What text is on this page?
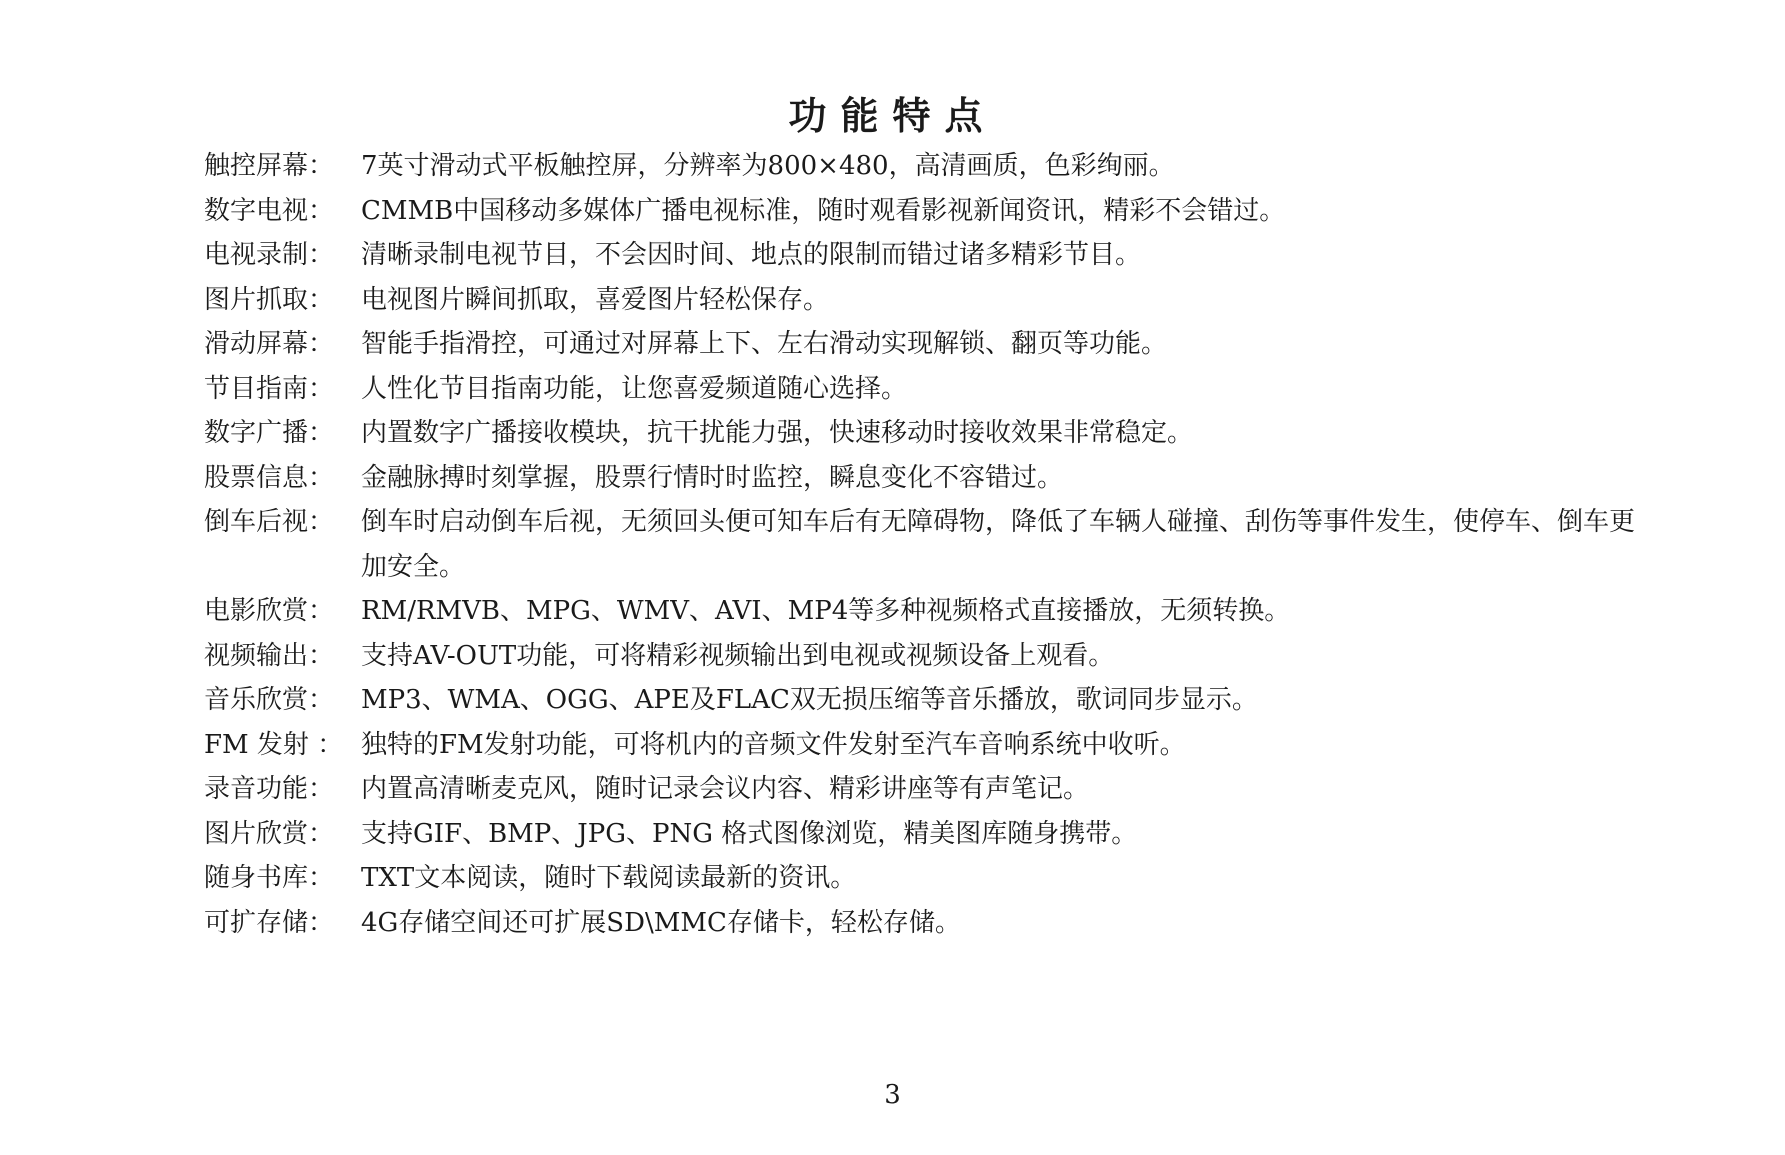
功能特点
触控屏幕：	7英寸滑动式平板触控屏，分辨率为800×480，高清画质，色彩绚丽。
数字电视：	CMMB中国移动多媒体广播电视标准，随时观看影视新闻资讯，精彩不会错过。
电视录制：	清晰录制电视节目，不会因时间、地点的限制而错过诸多精彩节目。
图片抓取：	电视图片瞬间抓取，喜爱图片轻松保存。
滑动屏幕：	智能手指滑控，可通过对屏幕上下、左右滑动实现解锁、翻页等功能。
节目指南：	人性化节目指南功能，让您喜爱频道随心选择。
数字广播：	内置数字广播接收模块，抗干扰能力强，快速移动时接收效果非常稳定。
股票信息：	金融脉搏时刻掌握，股票行情时时监控，瞬息变化不容错过。
倒车后视：	倒车时启动倒车后视，无须回头便可知车后有无障碍物，降低了车辆人碰撞、刮伤等事件发生，使停车、倒车更加安全。
电影欣赏：	RM/RMVB、MPG、WMV、AVI、MP4等多种视频格式直接播放，无须转换。
视频输出：	支持AV-OUT功能，可将精彩视频输出到电视或视频设备上观看。
音乐欣赏：	MP3、WMA、OGG、APE及FLAC双无损压缩等音乐播放，歌词同步显示。
FM 发射 ： 独特的FM发射功能，可将机内的音频文件发射至汽车音响系统中收听。
录音功能：	内置高清晰麦克风，随时记录会议内容、精彩讲座等有声笔记。
图片欣赏：	支持GIF、BMP、JPG、PNG 格式图像浏览，精美图库随身携带。
随身书库：	TXT文本阅读，随时下载阅读最新的资讯。
可扩存储：	4G存储空间还可扩展SD\MMC存储卡，轻松存储。
3
